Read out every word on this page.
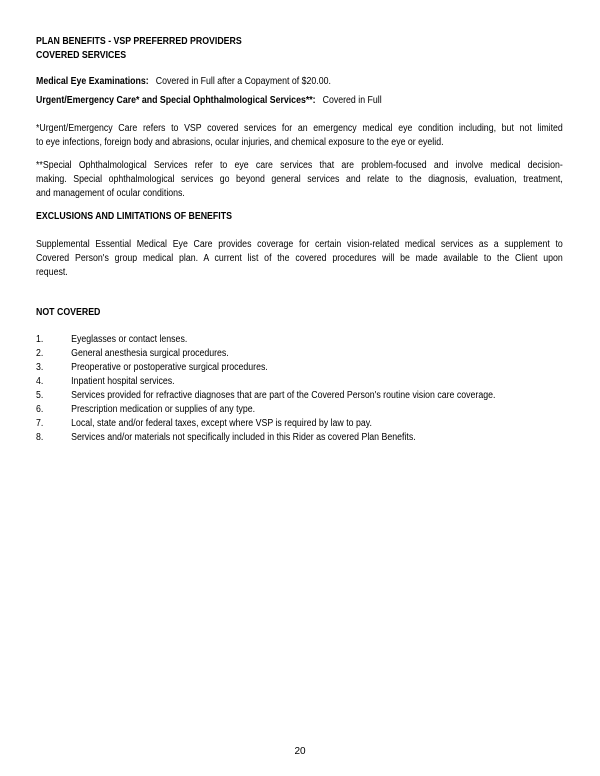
PLAN BENEFITS - VSP PREFERRED PROVIDERS
COVERED SERVICES
Medical Eye Examinations: Covered in Full after a Copayment of $20.00.
Urgent/Emergency Care* and Special Ophthalmological Services**: Covered in Full
*Urgent/Emergency Care refers to VSP covered services for an emergency medical eye condition including, but not limited
to eye infections, foreign body and abrasions, ocular injuries, and chemical exposure to the eye or eyelid.
**Special Ophthalmological Services refer to eye care services that are problem-focused and involve medical decision-
making. Special ophthalmological services go beyond general services and relate to the diagnosis, evaluation, treatment,
and management of ocular conditions.
EXCLUSIONS AND LIMITATIONS OF BENEFITS
Supplemental Essential Medical Eye Care provides coverage for certain vision-related medical services as a supplement to
Covered Person's group medical plan. A current list of the covered procedures will be made available to the Client upon
request.
NOT COVERED
1.	Eyeglasses or contact lenses.
2.	General anesthesia surgical procedures.
3.	Preoperative or postoperative surgical procedures.
4.	Inpatient hospital services.
5.	Services provided for refractive diagnoses that are part of the Covered Person's routine vision care coverage.
6.	Prescription medication or supplies of any type.
7.	Local, state and/or federal taxes, except where VSP is required by law to pay.
8.	Services and/or materials not specifically included in this Rider as covered Plan Benefits.
20
